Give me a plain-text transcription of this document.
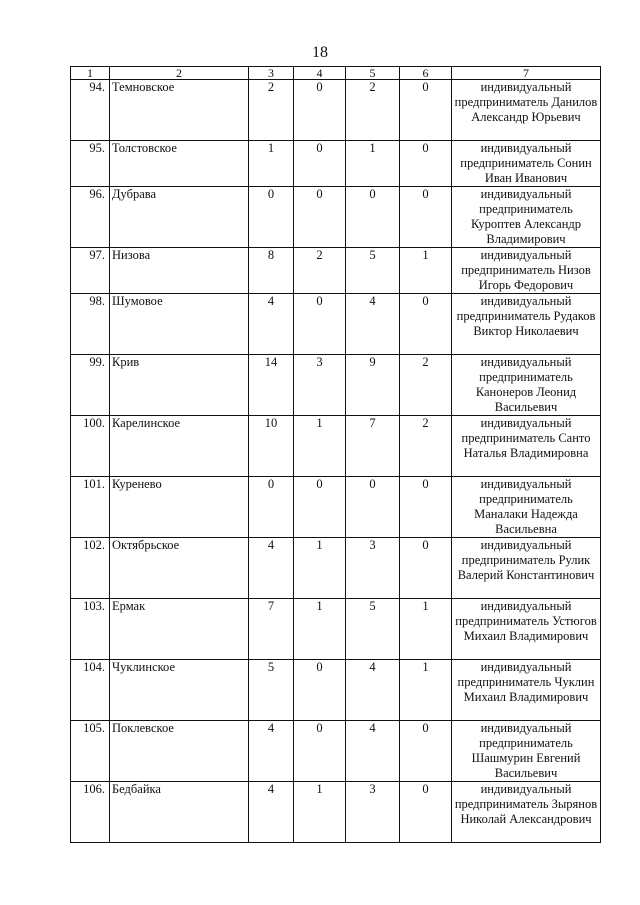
18
1	2	3	4	5	6	7
94.	Темновское	2	0	2	0	индивидуальный предприниматель Данилов Александр Юрьевич
95.	Толстовское	1	0	1	0	индивидуальный предприниматель Сонин Иван Иванович
96.	Дубрава	0	0	0	0	индивидуальный предприниматель Куроптев Александр Владимирович
97.	Низова	8	2	5	1	индивидуальный предприниматель Низов Игорь Федорович
98.	Шумовое	4	0	4	0	индивидуальный предприниматель Рудаков Виктор Николаевич
99.	Крив	14	3	9	2	индивидуальный предприниматель Канонеров Леонид Васильевич
100.	Карелинское	10	1	7	2	индивидуальный предприниматель Санто Наталья Владимировна
101.	Куренево	0	0	0	0	индивидуальный предприниматель Маналаки Надежда Васильевна
102.	Октябрьское	4	1	3	0	индивидуальный предприниматель Рулик Валерий Константинович
103.	Ермак	7	1	5	1	индивидуальный предприниматель Устюгов Михаил Владимирович
104.	Чуклинское	5	0	4	1	индивидуальный предприниматель Чуклин Михаил Владимирович
105.	Поклевское	4	0	4	0	индивидуальный предприниматель Шашмурин Евгений Васильевич
106.	Бедбайка	4	1	3	0	индивидуальный предприниматель Зырянов Николай Александрович
